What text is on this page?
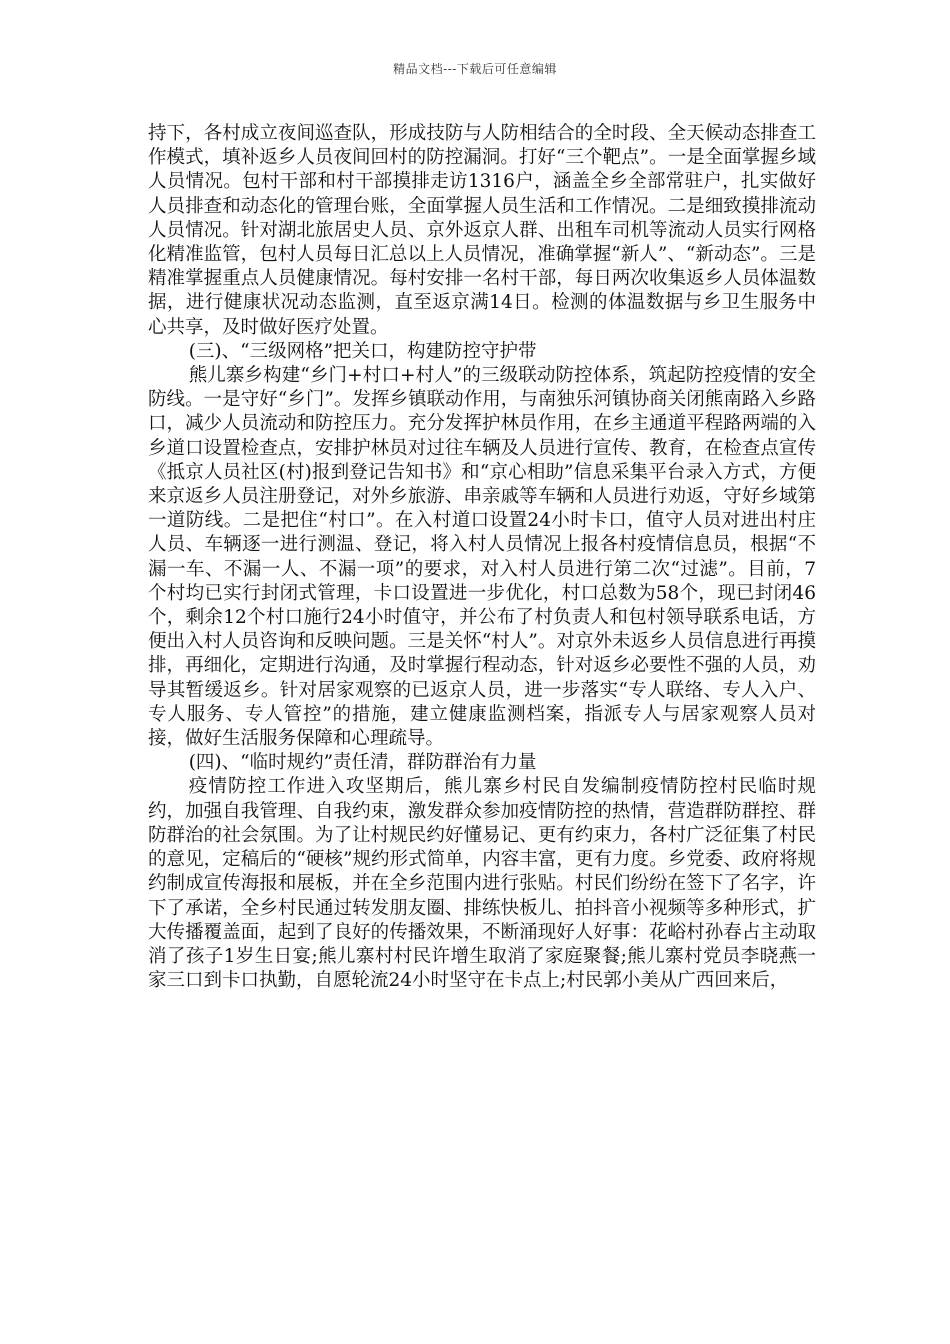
精品文档---下载后可任意编辑

持下，各村成立夜间巡查队，形成技防与人防相结合的全时段、全天候动态排查工作模式，填补返乡人员夜间回村的防控漏洞。打好“三个靶点”。一是全面掌握乡域人员情况。包村干部和村干部摸排走访1316户，涵盖全乡全部常驻户，扎实做好人员排查和动态化的管理台账，全面掌握人员生活和工作情况。二是细致摸排流动人员情况。针对湖北旅居史人员、京外返京人群、出租车司机等流动人员实行网格化精准监管，包村人员每日汇总以上人员情况，准确掌握“新人”、“新动态”。三是精准掌握重点人员健康情况。每村安排一名村干部，每日两次收集返乡人员体温数据，进行健康状况动态监测，直至返京满14日。检测的体温数据与乡卫生服务中心共享，及时做好医疗处置。

(三)、“三级网格”把关口，构建防控守护带

熊儿寨乡构建“乡门+村口+村人”的三级联动防控体系，筑起防控疫情的安全防线。一是守好“乡门”。发挥乡镇联动作用，与南独乐河镇协商关闭熊南路入乡路口，减少人员流动和防控压力。充分发挥护林员作用，在乡主通道平程路两端的入乡道口设置检查点，安排护林员对过往车辆及人员进行宣传、教育，在检查点宣传《抵京人员社区(村)报到登记告知书》和“京心相助”信息采集平台录入方式，方便来京返乡人员注册登记，对外乡旅游、串亲戚等车辆和人员进行劝返，守好乡域第一道防线。二是把住“村口”。在入村道口设置24小时卡口，值守人员对进出村庄人员、车辆逐一进行测温、登记，将入村人员情况上报各村疫情信息员，根据“不漏一车、不漏一人、不漏一项”的要求，对入村人员进行第二次“过滤”。目前，7个村均已实行封闭式管理，卡口设置进一步优化，村口总数为58个，现已封闭46个，剩余12个村口施行24小时值守，并公布了村负责人和包村领导联系电话，方便出入村人员咨询和反映问题。三是关怀“村人”。对京外未返乡人员信息进行再摸排，再细化，定期进行沟通，及时掌握行程动态，针对返乡必要性不强的人员，劝导其暂缓返乡。针对居家观察的已返京人员，进一步落实“专人联络、专人入户、专人服务、专人管控”的措施，建立健康监测档案，指派专人与居家观察人员对接，做好生活服务保障和心理疏导。

(四)、“临时规约”责任清，群防群治有力量

疫情防控工作进入攻坚期后，熊儿寨乡村民自发编制疫情防控村民临时规约，加强自我管理、自我约束，激发群众参加疫情防控的热情，营造群防群控、群防群治的社会氛围。为了让村规民约好懂易记、更有约束力，各村广泛征集了村民的意见，定稿后的“硬核”规约形式简单，内容丰富，更有力度。乡党委、政府将规约制成宣传海报和展板，并在全乡范围内进行张贴。村民们纷纷在签下了名字，许下了承诺，全乡村民通过转发朋友圈、排练快板儿、拍抖音小视频等多种形式，扩大传播覆盖面，起到了良好的传播效果，不断涌现好人好事：花峪村孙春占主动取消了孩子1岁生日宴;熊儿寨村村民许增生取消了家庭聚餐;熊儿寨村党员李晓燕一家三口到卡口执勤，自愿轮流24小时坚守在卡点上;村民郭小美从广西回来后，
